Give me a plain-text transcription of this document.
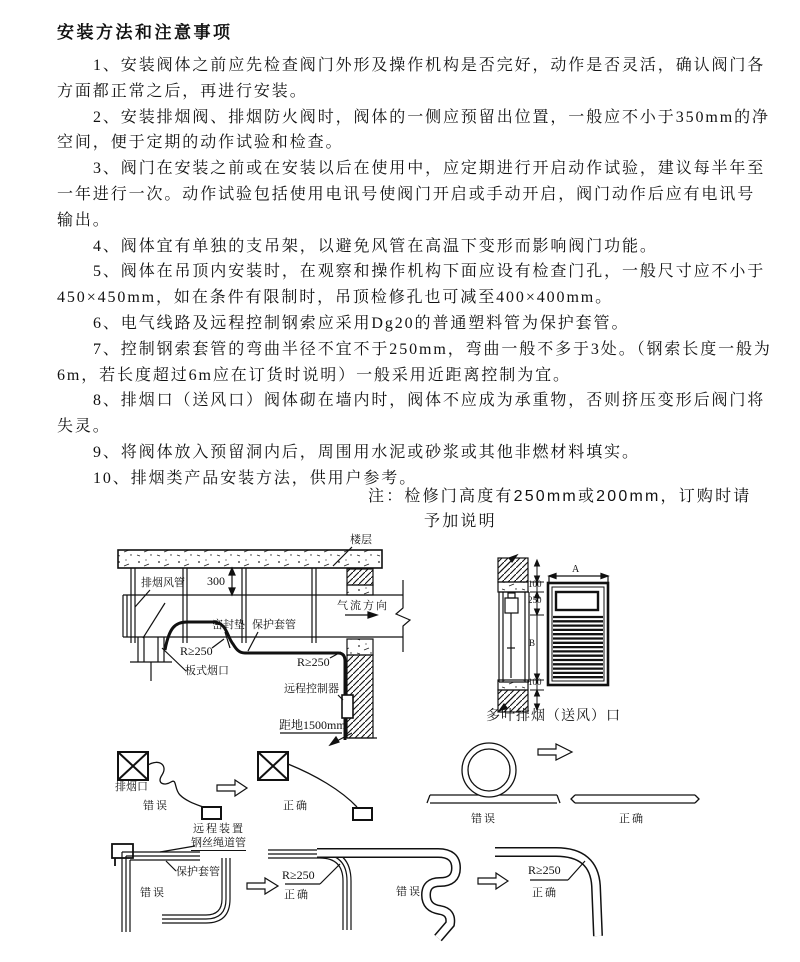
安装方法和注意事项
1、安装阀体之前应先检查阀门外形及操作机构是否完好，动作是否灵活，确认阀门各
方面都正常之后，再进行安装。
2、安装排烟阀、排烟防火阀时，阀体的一侧应预留出位置，一般应不小于350mm的净
空间，便于定期的动作试验和检查。
3、阀门在安装之前或在安装以后在使用中，应定期进行开启动作试验，建议每半年至
一年进行一次。动作试验包括使用电讯号使阀门开启或手动开启，阀门动作后应有电讯号
输出。
4、阀体宜有单独的支吊架，以避免风管在高温下变形而影响阀门功能。
5、阀体在吊顶内安装时，在观察和操作机构下面应设有检查门孔，一般尺寸应不小于
450×450mm，如在条件有限制时，吊顶检修孔也可减至400×400mm。
6、电气线路及远程控制钢索应采用Dg20的普通塑料管为保护套管。
7、控制钢索套管的弯曲半径不宜不于250mm，弯曲一般不多于3处。（钢索长度一般为
6m，若长度超过6m应在订货时说明）一般采用近距离控制为宜。
8、排烟口（送风口）阀体砌在墙内时，阀体不应成为承重物，否则挤压变形后阀门将
失灵。
9、将阀体放入预留洞内后，周围用水泥或砂浆或其他非燃材料填实。
10、排烟类产品安装方法，供用户参考。
注：检修门高度有250mm或200mm，订购时请
予加说明
楼层
排烟风管 300
气流方向
密封垫 保护套管
R≥250
板式烟口
R≥250
远程控制器
距地1500mm
A
100
250
B
100
多叶排烟（送风）口
排烟口
错误	正确
远程装置
错误	正确
钢丝绳道管
保护套管
错误
R≥250
正确	错误
R≥250
正确
